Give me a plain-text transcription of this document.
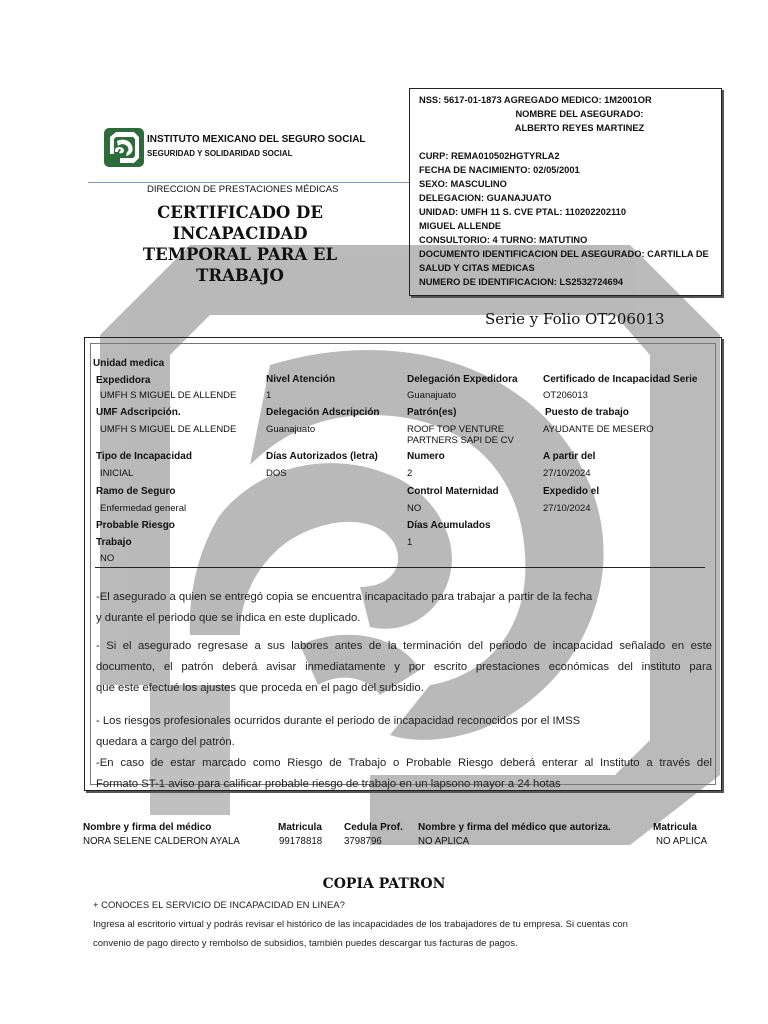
INSTITUTO MEXICANO DEL SEGURO SOCIAL
SEGURIDAD Y SOLIDARIDAD SOCIAL
DIRECCION DE PRESTACIONES MÉDICAS
CERTIFICADO DE INCAPACIDAD
TEMPORAL PARA EL TRABAJO
NSS: 5617-01-1873 AGREGADO MEDICO: 1M2001OR
NOMBRE DEL ASEGURADO:
ALBERTO REYES MARTINEZ
CURP: REMA010502HGTYRLA2
FECHA DE NACIMIENTO: 02/05/2001
SEXO: MASCULINO
DELEGACION: GUANAJUATO
UNIDAD: UMFH 11 S. CVE PTAL: 110202202110
MIGUEL ALLENDE
CONSULTORIO: 4 TURNO: MATUTINO
DOCUMENTO IDENTIFICACION DEL ASEGURADO: CARTILLA DE
SALUD Y CITAS MEDICAS
NUMERO DE IDENTIFICACION: LS2532724694
Serie y Folio OT206013
Unidad medica
Expedidora
UMFH S MIGUEL DE ALLENDE
Nivel Atención
1
Delegación Expedidora
Guanajuato
Certificado de Incapacidad Serie
OT206013
UMF Adscripción.
UMFH S MIGUEL DE ALLENDE
Delegación Adscripción
Guanajuato
Patrón(es)
ROOF TOP VENTURE
PARTNERS SAPI DE CV
Puesto de trabajo
AYUDANTE DE MESERO
Tipo de Incapacidad
INICIAL
Días Autorizados (letra)
DOS
Numero
2
A partir del
27/10/2024
Ramo de Seguro
Enfermedad general
Control Maternidad
NO
Expedido el
27/10/2024
Probable Riesgo
Trabajo
NO
Días Acumulados
1
-El asegurado a quien se entregó copia se encuentra incapacitado para trabajar a partir de la fecha
y durante el periodo que se indica en este duplicado.
- Si el asegurado regresase a sus labores antes de la terminación del periodo de incapacidad señalado en este
documento, el patrón deberá avisar inmediatamente y por escrito prestaciones económicas del instituto para
que este efectué los ajustes que proceda en el pago del subsidio.
- Los riesgos profesionales ocurridos durante el periodo de incapacidad reconocidos por el IMSS
quedara a cargo del patrón.
-En caso de estar marcado como Riesgo de Trabajo o Probable Riesgo deberá enterar al Instituto a través del
Formato ST-1 aviso para calificar probable riesgo de trabajo en un lapsono mayor a 24 hotas
Nombre y firma del médico
NORA SELENE CALDERON AYALA
Matricula
99178818
Cedula Prof.
3798796
Nombre y firma del médico que autoriza.
NO APLICA
Matricula
NO APLICA
COPIA PATRON
+ CONOCES EL SERVICIO DE INCAPACIDAD EN LINEA?
Ingresa al escritorio virtual y podrás revisar el histórico de las incapacidades de los trabajadores de tu empresa. Si cuentas con
convenio de pago directo y rembolso de subsidios, también puedes descargar tus facturas de pagos.
